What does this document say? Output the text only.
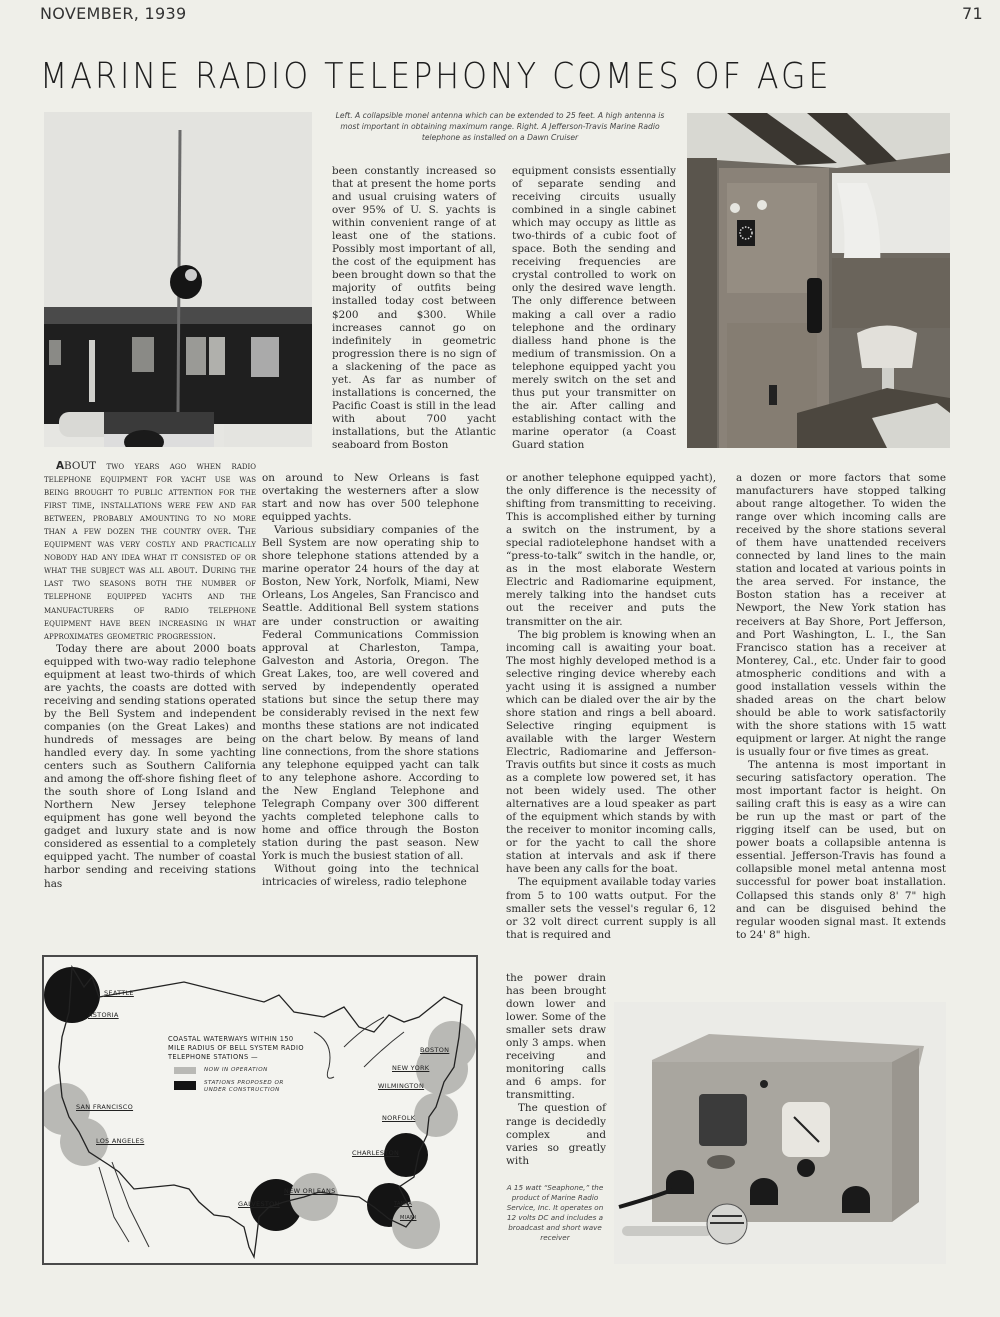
NOVEMBER, 1939	71
MARINE RADIO TELEPHONY COMES OF AGE
Left. A collapsible monel antenna which can be extended to 25 feet. A high antenna is most important in obtaining maximum range. Right. A Jefferson-Travis Marine Radio telephone as installed on a Dawn Cruiser

been constantly increased so that at present the home ports and usual cruising waters of over 95% of U. S. yachts is within convenient range of at least one of the stations. Possibly most important of all, the cost of the equipment has been brought down so that the majority of outfits being installed today cost between $200 and $300. While increases cannot go on indefinitely in geometric progression there is no sign of a slackening of the pace as yet. As far as number of installations is concerned, the Pacific Coast is still in the lead with about 700 yacht installations, but the Atlantic seaboard from Boston

equipment consists essentially of separate sending and receiving circuits usually combined in a single cabinet which may occupy as little as two-thirds of a cubic foot of space. Both the sending and receiving frequencies are crystal controlled to work on only the desired wave length. The only difference between making a call over a radio telephone and the ordinary dialless hand phone is the medium of transmission. On a telephone equipped yacht you merely switch on the set and thus put your transmitter on the air. After calling and establishing contact with the marine operator (a Coast Guard station

ABOUT two years ago when radio telephone equipment for yacht use was being brought to public attention for the first time, installations were few and far between, probably amounting to no more than a few dozen the country over. The equipment was very costly and practically nobody had any idea what it consisted of or what the subject was all about. During the last two seasons both the number of telephone equipped yachts and the manufacturers of radio telephone equipment have been increasing in what approximates geometric progression.

Today there are about 2000 boats equipped with two-way radio telephone equipment at least two-thirds of which are yachts, the coasts are dotted with receiving and sending stations operated by the Bell System and independent companies (on the Great Lakes) and hundreds of messages are being handled every day. In some yachting centers such as Southern California and among the off-shore fishing fleet of the south shore of Long Island and Northern New Jersey telephone equipment has gone well beyond the gadget and luxury state and is now considered as essential to a completely equipped yacht. The number of coastal harbor sending and receiving stations has

on around to New Orleans is fast overtaking the westerners after a slow start and now has over 500 telephone equipped yachts.

Various subsidiary companies of the Bell System are now operating ship to shore telephone stations attended by a marine operator 24 hours of the day at Boston, New York, Norfolk, Miami, New Orleans, Los Angeles, San Francisco and Seattle. Additional Bell system stations are under construction or awaiting Federal Communications Commission approval at Charleston, Tampa, Galveston and Astoria, Oregon. The Great Lakes, too, are well covered and served by independently operated stations but since the setup there may be considerably revised in the next few months these stations are not indicated on the chart below. By means of land line connections, from the shore stations any telephone equipped yacht can talk to any telephone ashore. According to the New England Telephone and Telegraph Company over 300 different yachts completed telephone calls to home and office through the Boston station during the past season. New York is much the busiest station of all.

Without going into the technical intricacies of wireless, radio telephone

or another telephone equipped yacht), the only difference is the necessity of shifting from transmitting to receiving. This is accomplished either by turning a switch on the instrument, by a special radiotelephone handset with a “press-to-talk” switch in the handle, or, as in the most elaborate Western Electric and Radiomarine equipment, merely talking into the handset cuts out the receiver and puts the transmitter on the air.

The big problem is knowing when an incoming call is awaiting your boat. The most highly developed method is a selective ringing device whereby each yacht using it is assigned a number which can be dialed over the air by the shore station and rings a bell aboard. Selective ringing equipment is available with the larger Western Electric, Radiomarine and Jefferson-Travis outfits but since it costs as much as a complete low powered set, it has not been widely used. The other alternatives are a loud speaker as part of the equipment which stands by with the receiver to monitor incoming calls, or for the yacht to call the shore station at intervals and ask if there have been any calls for the boat.

The equipment available today varies from 5 to 100 watts output. For the smaller sets the vessel's regular 6, 12 or 32 volt direct current supply is all that is required and

the power drain has been brought down lower and lower. Some of the smaller sets draw only 3 amps. when receiving and monitoring calls and 6 amps. for transmitting.

The question of range is decidedly complex and varies so greatly with

A 15 watt “Seaphone,” the product of Marine Radio Service, Inc. It operates on 12 volts DC and includes a broadcast and short wave receiver

a dozen or more factors that some manufacturers have stopped talking about range altogether. To widen the range over which incoming calls are received by the shore stations several of them have unattended receivers connected by land lines to the main station and located at various points in the area served. For instance, the Boston station has a receiver at Newport, the New York station has receivers at Bay Shore, Port Jefferson, and Port Washington, L. I., the San Francisco station has a receiver at Monterey, Cal., etc. Under fair to good atmospheric conditions and with a good installation vessels within the shaded areas on the chart below should be able to work satisfactorily with the shore stations with 15 watt equipment or larger. At night the range is usually four or five times as great.

The antenna is most important in securing satisfactory operation. The most important factor is height. On sailing craft this is easy as a wire can be run up the mast or part of the rigging itself can be used, but on power boats a collapsible antenna is essential. Jefferson-Travis has found a collapsible monel metal antenna most successful for power boat installation. Collapsed this stands only 8' 7" high and can be disguised behind the regular wooden signal mast. It extends to 24' 8" high.

COASTAL WATERWAYS WITHIN 150 MILE RADIUS OF BELL SYSTEM RADIO TELEPHONE STATIONS —
NOW IN OPERATION
STATIONS PROPOSED OR UNDER CONSTRUCTION
SEATTLE
ASTORIA
SAN FRANCISCO
LOS ANGELES
GALVESTON
NEW ORLEANS
TAMPA
MIAMI
CHARLESTON
NORFOLK
WILMINGTON
NEW YORK
BOSTON
